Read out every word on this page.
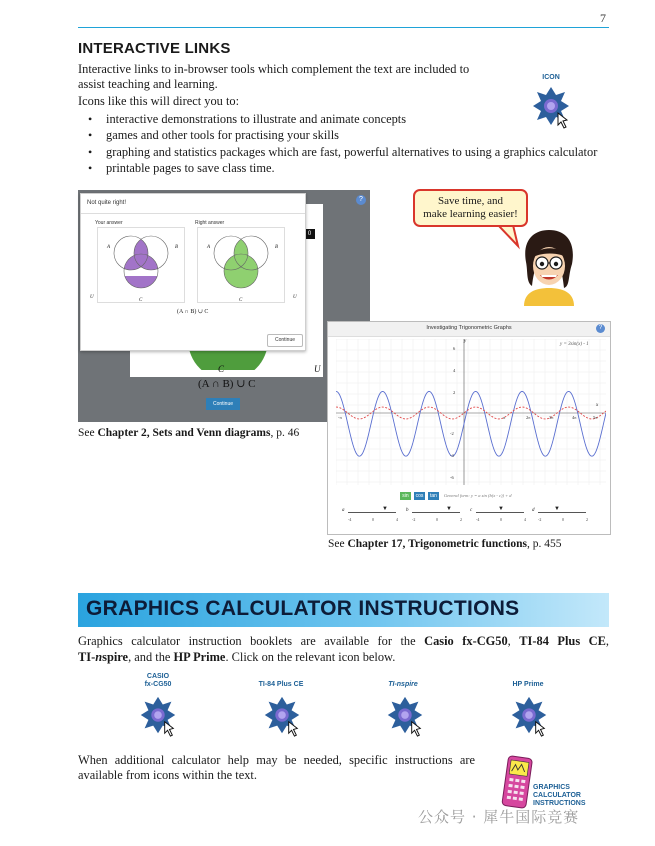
7
INTERACTIVE LINKS
Interactive links to in-browser tools which complement the text are included to
assist teaching and learning.
Icons like this will direct you to:
• interactive demonstrations to illustrate and animate concepts
• games and other tools for practising your skills
• graphing and statistics packages which are fast, powerful alternatives to using a graphics calculator
• printable pages to save class time.
ICON
?
0
C	U
(A ∩ B) ∪ C
Continue
Not quite right!
Your answer	Right answer
A	B
C
U
A	B
C
U
(A ∩ B) ∪ C
Continue
See Chapter 2, Sets and Venn diagrams, p. 46
Save time, and
make learning easier!
Investigating Trigonometric Graphs	?
y = 3sin(x) - 1
y
x
6
4
2
-2
-4
-6
-π	π	2π	3π	4π	5π
sin	cos	tan	General form: y = a sin (b(x - c)) + d
▼	▼	▼	▼
a	b	c	d
-4	0	4	-2	0	2	-4	0	4	-2	0	2
See Chapter 17, Trigonometric functions, p. 455
GRAPHICS CALCULATOR INSTRUCTIONS
Graphics calculator instruction booklets are available for the Casio fx-CG50, TI-84 Plus CE,
TI-nspire, and the HP Prime. Click on the relevant icon below.
CASIO
fx-CG50	TI-84 Plus CE	TI-nspire	HP Prime
When additional calculator help may be needed, specific instructions are
available from icons within the text.
GRAPHICS
CALCULATOR
INSTRUCTIONS
公众号 · 犀牛国际竞赛
